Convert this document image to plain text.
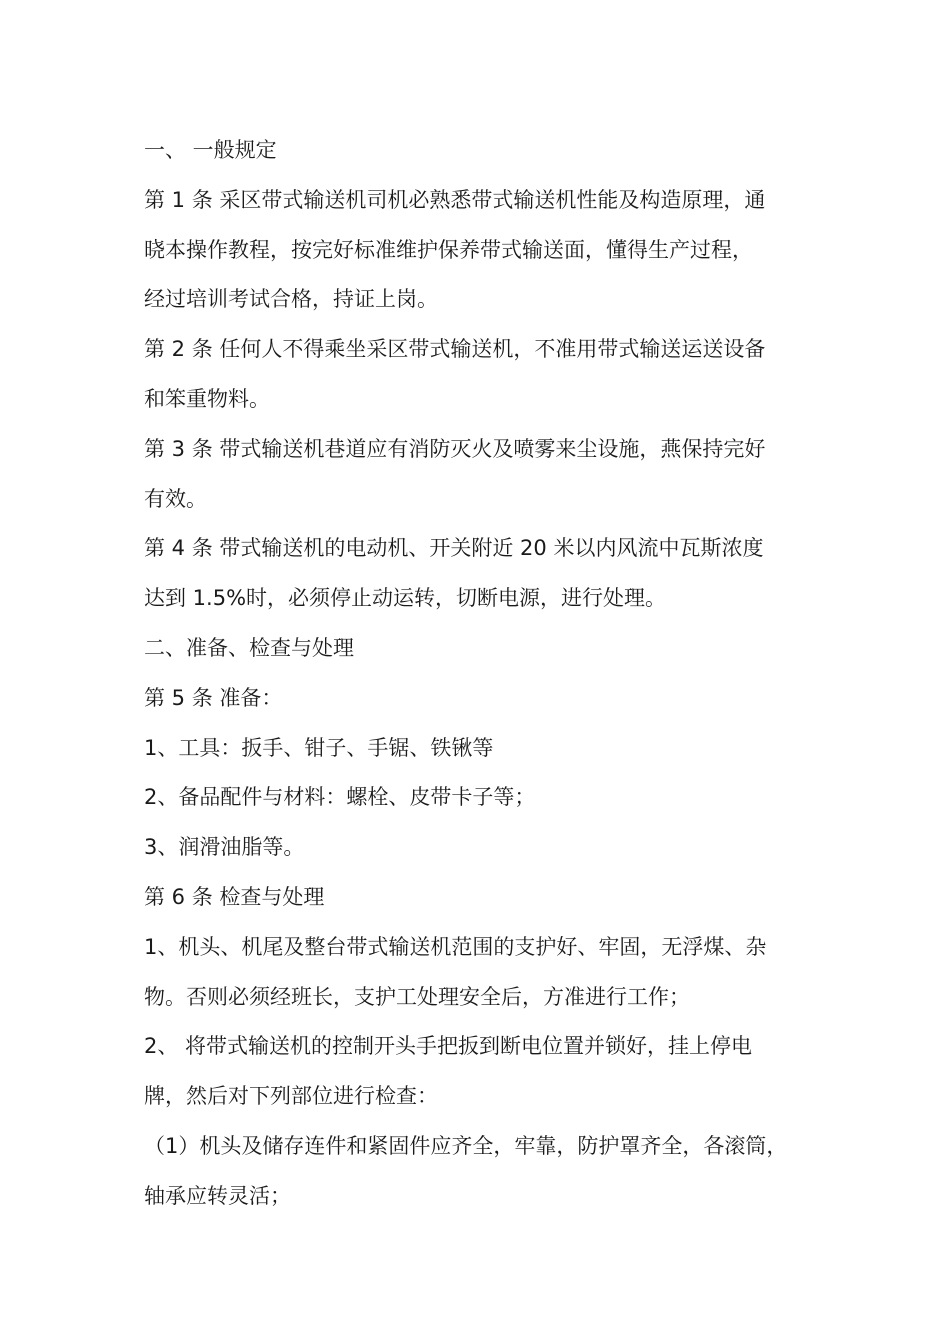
一、 一般规定
第 1 条 采区带式输送机司机必熟悉带式输送机性能及构造原理，通
晓本操作教程，按完好标准维护保养带式输送面，懂得生产过程，
经过培训考试合格，持证上岗。
第 2 条 任何人不得乘坐采区带式输送机，不准用带式输送运送设备
和笨重物料。
第 3 条 带式输送机巷道应有消防灭火及喷雾来尘设施，燕保持完好
有效。
第 4 条 带式输送机的电动机、开关附近 20 米以内风流中瓦斯浓度
达到 1.5%时，必须停止动运转，切断电源，进行处理。
二、准备、检查与处理
第 5 条 准备：
1、工具：扳手、钳子、手锯、铁锹等
2、备品配件与材料：螺栓、皮带卡子等；
3、润滑油脂等。
第 6 条 检查与处理
1、机头、机尾及整台带式输送机范围的支护好、牢固，无浮煤、杂
物。否则必须经班长，支护工处理安全后，方准进行工作；
2、 将带式输送机的控制开头手把扳到断电位置并锁好，挂上停电
牌，然后对下列部位进行检查：
（1）机头及储存连件和紧固件应齐全，牢靠，防护罩齐全，各滚筒，
轴承应转灵活；
